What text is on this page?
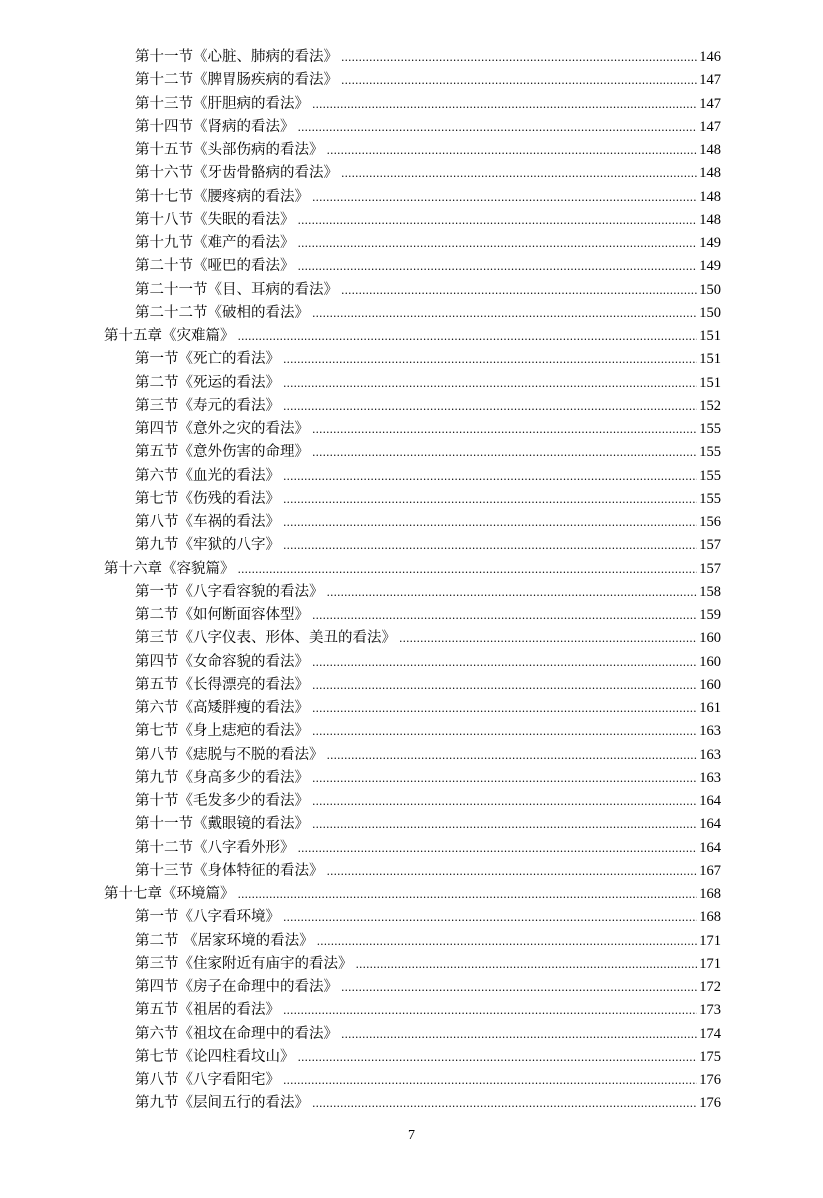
第十一节《心脏、肺病的看法》 .....	146
第十二节《脾胃肠疾病的看法》 .....	147
第十三节《肝胆病的看法》 .....	147
第十四节《肾病的看法》 .....	147
第十五节《头部伤病的看法》 .....	148
第十六节《牙齿骨骼病的看法》 .....	148
第十七节《腰疼病的看法》 .....	148
第十八节《失眠的看法》 .....	148
第十九节《难产的看法》 .....	149
第二十节《哑巴的看法》 .....	149
第二十一节《目、耳病的看法》 .....	150
第二十二节《破相的看法》 .....	150
第十五章《灾难篇》 .....	151
第一节《死亡的看法》 .....	151
第二节《死运的看法》 .....	151
第三节《寿元的看法》 .....	152
第四节《意外之灾的看法》 .....	155
第五节《意外伤害的命理》 .....	155
第六节《血光的看法》 .....	155
第七节《伤残的看法》 .....	155
第八节《车祸的看法》 .....	156
第九节《牢狱的八字》 .....	157
第十六章《容貌篇》 .....	157
第一节《八字看容貌的看法》 .....	158
第二节《如何断面容体型》 .....	159
第三节《八字仪表、形体、美丑的看法》 .....	160
第四节《女命容貌的看法》 .....	160
第五节《长得漂亮的看法》 .....	160
第六节《高矮胖瘦的看法》 .....	161
第七节《身上痣疤的看法》 .....	163
第八节《痣脱与不脱的看法》 .....	163
第九节《身高多少的看法》 .....	163
第十节《毛发多少的看法》 .....	164
第十一节《戴眼镜的看法》 .....	164
第十二节《八字看外形》 .....	164
第十三节《身体特征的看法》 .....	167
第十七章《环境篇》 .....	168
第一节《八字看环境》 .....	168
第二节 《居家环境的看法》 .....	171
第三节《住家附近有庙宇的看法》 .....	171
第四节《房子在命理中的看法》 .....	172
第五节《祖居的看法》 .....	173
第六节《祖坟在命理中的看法》 .....	174
第七节《论四柱看坟山》 .....	175
第八节《八字看阳宅》 .....	176
第九节《层间五行的看法》 .....	176
7
